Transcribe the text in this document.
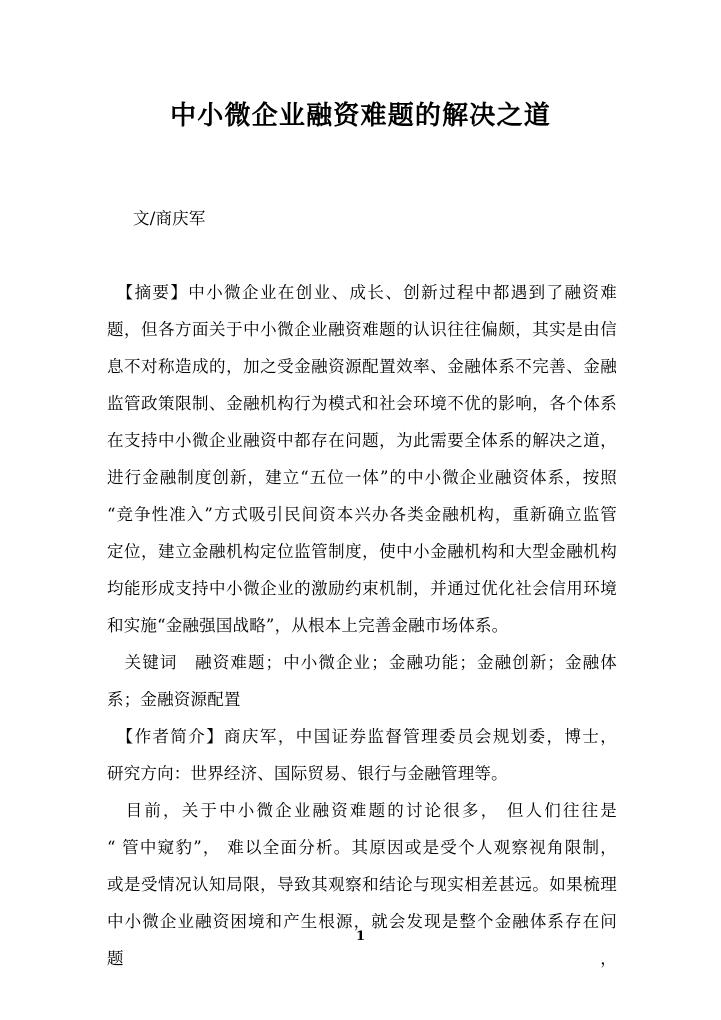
中小微企业融资难题的解决之道
文/商庆军
　【摘要】中小微企业在创业、成长、创新过程中都遇到了融资难
题，但各方面关于中小微企业融资难题的认识往往偏颇，其实是由信
息不对称造成的，加之受金融资源配置效率、金融体系不完善、金融
监管政策限制、金融机构行为模式和社会环境不优的影响，各个体系
在支持中小微企业融资中都存在问题，为此需要全体系的解决之道，
进行金融制度创新，建立“五位一体”的中小微企业融资体系，按照
“竞争性准入”方式吸引民间资本兴办各类金融机构，重新确立监管
定位，建立金融机构定位监管制度，使中小金融机构和大型金融机构
均能形成支持中小微企业的激励约束机制，并通过优化社会信用环境
和实施“金融强国战略”，从根本上完善金融市场体系。
　关键词　融资难题；中小微企业；金融功能；金融创新；金融体
系；金融资源配置
　【作者简介】商庆军，中国证券监督管理委员会规划委，博士，
研究方向：世界经济、国际贸易、银行与金融管理等。
　目前，关于中小微企业融资难题的讨论很多， 但人们往往是
“ 管中窥豹”， 难以全面分析。其原因或是受个人观察视角限制，
或是受情况认知局限，导致其观察和结论与现实相差甚远。如果梳理
中小微企业融资困境和产生根源，就会发现是整个金融体系存在问题，
1
